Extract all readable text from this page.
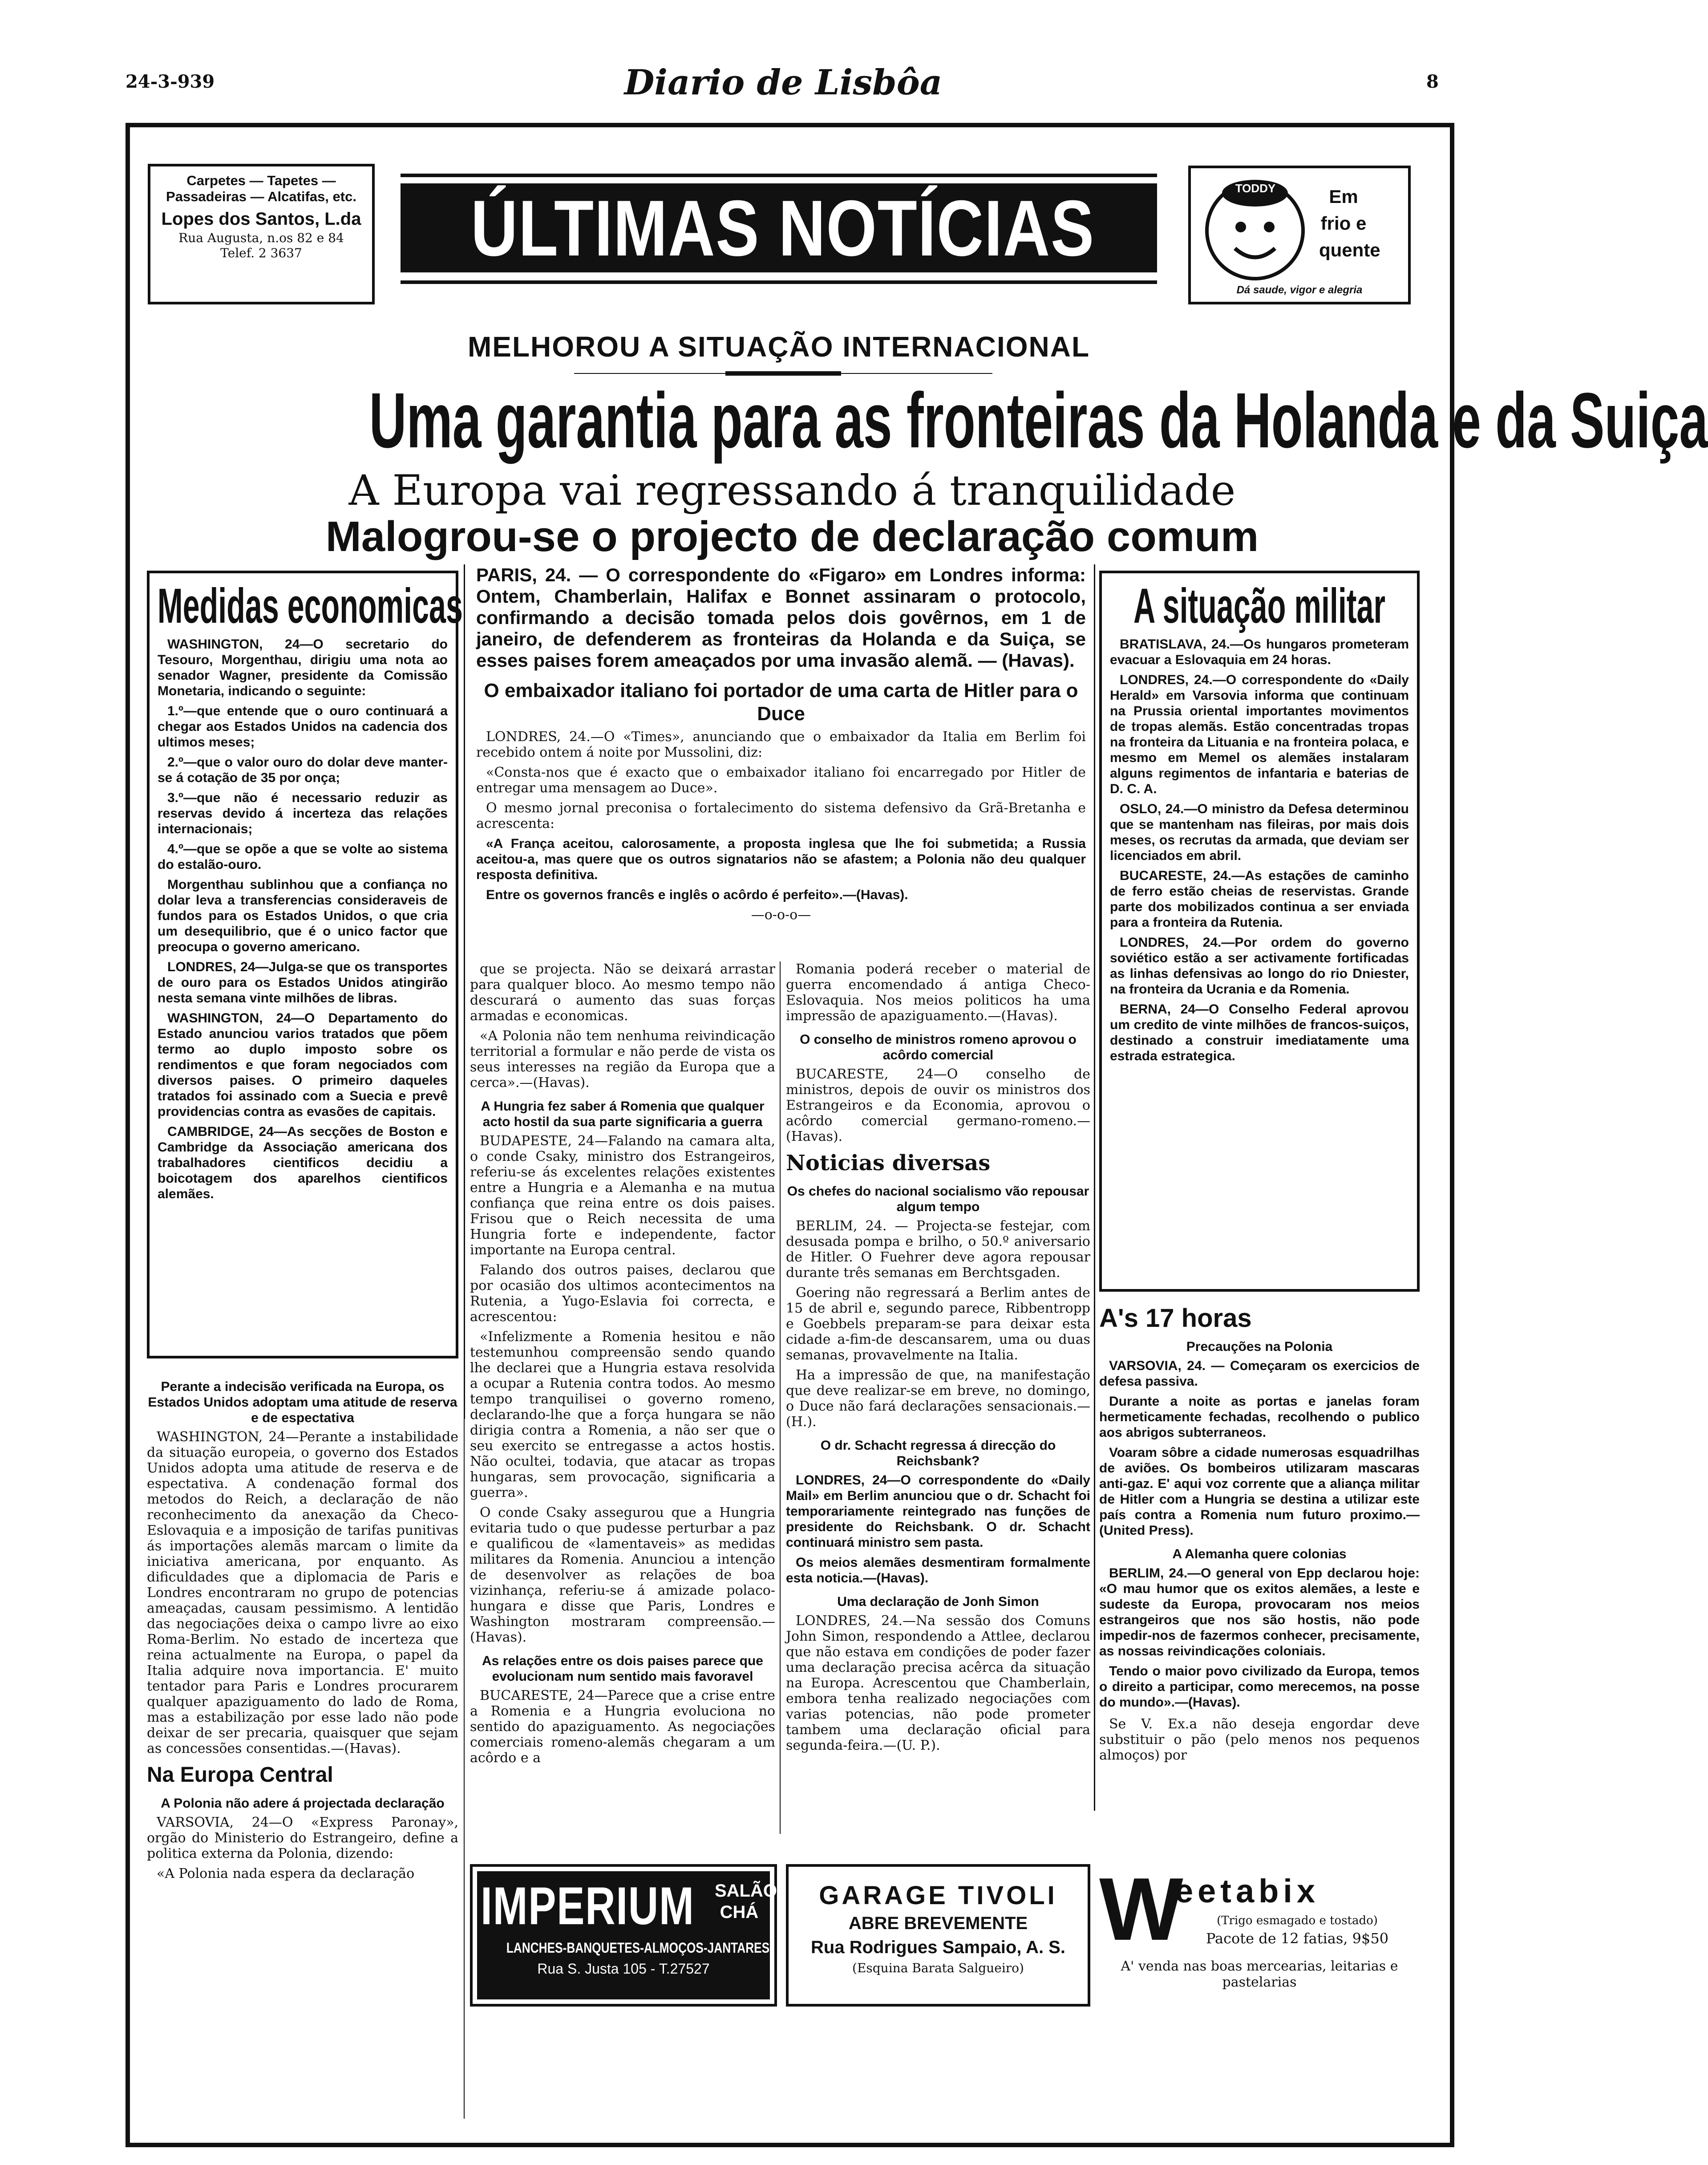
24-3-939	Diario de Lisbôa	8
Carpetes — Tapetes — Passadeiras — Alcatifas, etc.
Lopes dos Santos, L.da
Rua Augusta, n.os 82 e 84
Telef. 2 3637	ÚLTIMAS NOTÍCIAS	TODDY	Em frio e quente
Dá saude, vigor e alegria
MELHOROU A SITUAÇÃO INTERNACIONAL
Uma garantia para as fronteiras da Holanda e da Suiça
A Europa vai regressando á tranquilidade
Malogrou-se o projecto de declaração comum
Medidas economicas

WASHINGTON, 24—O secretario do Tesouro, Morgenthau, dirigiu uma nota ao senador Wagner, presidente da Comissão Monetaria, indicando o seguinte:

1.º—que entende que o ouro continuará a chegar aos Estados Unidos na cadencia dos ultimos meses;

2.º—que o valor ouro do dolar deve manter-se á cotação de 35 por onça;

3.º—que não é necessario reduzir as reservas devido á incerteza das relações internacionais;

4.º—que se opõe a que se volte ao sistema do estalão-ouro.

Morgenthau sublinhou que a confiança no dolar leva a transferencias consideraveis de fundos para os Estados Unidos, o que cria um desequilibrio, que é o unico factor que preocupa o governo americano.

LONDRES, 24—Julga-se que os transportes de ouro para os Estados Unidos atingirão nesta semana vinte milhões de libras.

WASHINGTON, 24—O Departamento do Estado anunciou varios tratados que põem termo ao duplo imposto sobre os rendimentos e que foram negociados com diversos paises. O primeiro daqueles tratados foi assinado com a Suecia e prevê providencias contra as evasões de capitais.

CAMBRIDGE, 24—As secções de Boston e Cambridge da Associação americana dos trabalhadores cientificos decidiu a boicotagem dos aparelhos cientificos alemães.

Perante a indecisão verificada na Europa, os Estados Unidos adoptam uma atitude de reserva e de espectativa

WASHINGTON, 24—Perante a instabilidade da situação europeia, o governo dos Estados Unidos adopta uma atitude de reserva e de espectativa. A condenação formal dos metodos do Reich, a declaração de não reconhecimento da anexação da Checo-Eslovaquia e a imposição de tarifas punitivas ás importações alemãs marcam o limite da iniciativa americana, por enquanto. As dificuldades que a diplomacia de Paris e Londres encontraram no grupo de potencias ameaçadas, causam pessimismo. A lentidão das negociações deixa o campo livre ao eixo Roma-Berlim. No estado de incerteza que reina actualmente na Europa, o papel da Italia adquire nova importancia. E' muito tentador para Paris e Londres procurarem qualquer apaziguamento do lado de Roma, mas a estabilização por esse lado não pode deixar de ser precaria, quaisquer que sejam as concessões consentidas.—(Havas).

Na Europa Central

A Polonia não adere á projectada declaração

VARSOVIA, 24—O «Express Paronay», orgão do Ministerio do Estrangeiro, define a politica externa da Polonia, dizendo:

«A Polonia nada espera da declaração

PARIS, 24. — O correspondente do «Figaro» em Londres informa: Ontem, Chamberlain, Halifax e Bonnet assinaram o protocolo, confirmando a decisão tomada pelos dois govêrnos, em 1 de janeiro, de defenderem as fronteiras da Holanda e da Suiça, se esses paises forem ameaçados por uma invasão alemã. — (Havas).

O embaixador italiano foi portador de uma carta de Hitler para o Duce

LONDRES, 24.—O «Times», anunciando que o embaixador da Italia em Berlim foi recebido ontem á noite por Mussolini, diz:

«Consta-nos que é exacto que o embaixador italiano foi encarregado por Hitler de entregar uma mensagem ao Duce».

O mesmo jornal preconisa o fortalecimento do sistema defensivo da Grã-Bretanha e acrescenta:

«A França aceitou, calorosamente, a proposta inglesa que lhe foi submetida; a Russia aceitou-a, mas quere que os outros signatarios não se afastem; a Polonia não deu qualquer resposta definitiva.

Entre os governos francês e inglês o acôrdo é perfeito».—(Havas).

—o-o-o—

que se projecta. Não se deixará arrastar para qualquer bloco. Ao mesmo tempo não descurará o aumento das suas forças armadas e economicas.

«A Polonia não tem nenhuma reivindicação territorial a formular e não perde de vista os seus interesses na região da Europa que a cerca».—(Havas).

A Hungria fez saber á Romenia que qualquer acto hostil da sua parte significaria a guerra

BUDAPESTE, 24—Falando na camara alta, o conde Csaky, ministro dos Estrangeiros, referiu-se ás excelentes relações existentes entre a Hungria e a Alemanha e na mutua confiança que reina entre os dois paises. Frisou que o Reich necessita de uma Hungria forte e independente, factor importante na Europa central.

Falando dos outros paises, declarou que por ocasião dos ultimos acontecimentos na Rutenia, a Yugo-Eslavia foi correcta, e acrescentou:

«Infelizmente a Romenia hesitou e não testemunhou compreensão sendo quando lhe declarei que a Hungria estava resolvida a ocupar a Rutenia contra todos. Ao mesmo tempo tranquilisei o governo romeno, declarando-lhe que a força hungara se não dirigia contra a Romenia, a não ser que o seu exercito se entregasse a actos hostis. Não ocultei, todavia, que atacar as tropas hungaras, sem provocação, significaria a guerra».

O conde Csaky assegurou que a Hungria evitaria tudo o que pudesse perturbar a paz e qualificou de «lamentaveis» as medidas militares da Romenia. Anunciou a intenção de desenvolver as relações de boa vizinhança, referiu-se á amizade polaco-hungara e disse que Paris, Londres e Washington mostraram compreensão.—(Havas).

As relações entre os dois paises parece que evolucionam num sentido mais favoravel

BUCARESTE, 24—Parece que a crise entre a Romenia e a Hungria evoluciona no sentido do apaziguamento. As negociações comerciais romeno-alemãs chegaram a um acôrdo e a

Romania poderá receber o material de guerra encomendado á antiga Checo-Eslovaquia. Nos meios politicos ha uma impressão de apaziguamento.—(Havas).

O conselho de ministros romeno aprovou o acôrdo comercial

BUCARESTE, 24—O conselho de ministros, depois de ouvir os ministros dos Estrangeiros e da Economia, aprovou o acôrdo comercial germano-romeno.—(Havas).

Noticias diversas

Os chefes do nacional socialismo vão repousar algum tempo

BERLIM, 24. — Projecta-se festejar, com desusada pompa e brilho, o 50.º aniversario de Hitler. O Fuehrer deve agora repousar durante três semanas em Berchtsgaden.

Goering não regressará a Berlim antes de 15 de abril e, segundo parece, Ribbentropp e Goebbels preparam-se para deixar esta cidade a-fim-de descansarem, uma ou duas semanas, provavelmente na Italia.

Ha a impressão de que, na manifestação que deve realizar-se em breve, no domingo, o Duce não fará declarações sensacionais.—(H.).

O dr. Schacht regressa á direcção do Reichsbank?

LONDRES, 24—O correspondente do «Daily Mail» em Berlim anunciou que o dr. Schacht foi temporariamente reintegrado nas funções de presidente do Reichsbank. O dr. Schacht continuará ministro sem pasta.

Os meios alemães desmentiram formalmente esta noticia.—(Havas).

Uma declaração de Jonh Simon

LONDRES, 24.—Na sessão dos Comuns John Simon, respondendo a Attlee, declarou que não estava em condições de poder fazer uma declaração precisa acêrca da situação na Europa. Acrescentou que Chamberlain, embora tenha realizado negociações com varias potencias, não pode prometer tambem uma declaração oficial para segunda-feira.—(U. P.).

A situação militar

BRATISLAVA, 24.—Os hungaros prometeram evacuar a Eslovaquia em 24 horas.

LONDRES, 24.—O correspondente do «Daily Herald» em Varsovia informa que continuam na Prussia oriental importantes movimentos de tropas alemãs. Estão concentradas tropas na fronteira da Lituania e na fronteira polaca, e mesmo em Memel os alemães instalaram alguns regimentos de infantaria e baterias de D. C. A.

OSLO, 24.—O ministro da Defesa determinou que se mantenham nas fileiras, por mais dois meses, os recrutas da armada, que deviam ser licenciados em abril.

BUCARESTE, 24.—As estações de caminho de ferro estão cheias de reservistas. Grande parte dos mobilizados continua a ser enviada para a fronteira da Rutenia.

LONDRES, 24.—Por ordem do governo soviético estão a ser activamente fortificadas as linhas defensivas ao longo do rio Dniester, na fronteira da Ucrania e da Romenia.

BERNA, 24—O Conselho Federal aprovou um credito de vinte milhões de francos-suiços, destinado a construir imediatamente uma estrada estrategica.

A's 17 horas

Precauções na Polonia

VARSOVIA, 24. — Começaram os exercicios de defesa passiva.

Durante a noite as portas e janelas foram hermeticamente fechadas, recolhendo o publico aos abrigos subterraneos.

Voaram sôbre a cidade numerosas esquadrilhas de aviões. Os bombeiros utilizaram mascaras anti-gaz. E' aqui voz corrente que a aliança militar de Hitler com a Hungria se destina a utilizar este país contra a Romenia num futuro proximo.—(United Press).

A Alemanha quere colonias

BERLIM, 24.—O general von Epp declarou hoje: «O mau humor que os exitos alemães, a leste e sudeste da Europa, provocaram nos meios estrangeiros que nos são hostis, não pode impedir-nos de fazermos conhecer, precisamente, as nossas reivindicações coloniais.

Tendo o maior povo civilizado da Europa, temos o direito a participar, como merecemos, na posse do mundo».—(Havas).

Se V. Ex.a não deseja engordar deve substituir o pão (pelo menos nos pequenos almoços) por

IMPERIUM	SALÃO CHÁ
LANCHES-BANQUETES-ALMOÇOS-JANTARES
Rua S. Justa 105 - T.27527
GARAGE TIVOLI
ABRE BREVEMENTE
Rua Rodrigues Sampaio, A. S.
(Esquina Barata Salgueiro)
W
eetabix
(Trigo esmagado e tostado)
Pacote de 12 fatias, 9$50
A' venda nas boas mercearias, leitarias e pastelarias
